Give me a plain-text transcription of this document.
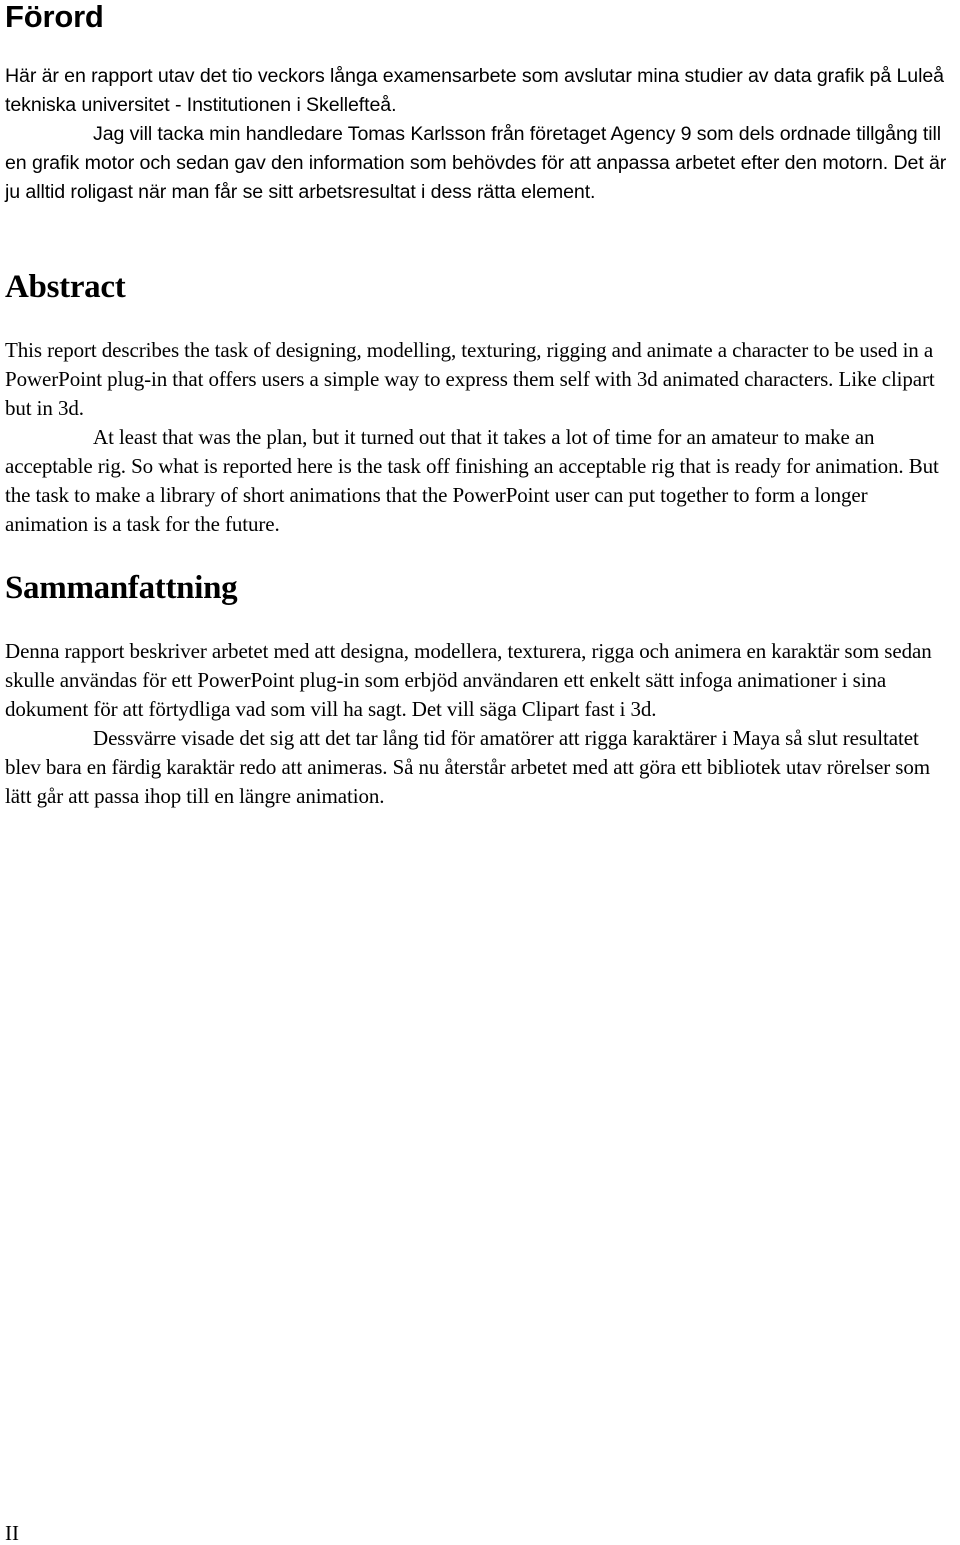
Förord

Här är en rapport utav det tio veckors långa examensarbete som avslutar mina studier av data grafik på Luleå tekniska universitet - Institutionen i Skellefteå.

Jag vill tacka min handledare Tomas Karlsson från företaget Agency 9 som dels ordnade tillgång till en grafik motor och sedan gav den information som behövdes för att anpassa arbetet efter den motorn. Det är ju alltid roligast när man får se sitt arbetsresultat i dess rätta element.

Abstract

This report describes the task of designing, modelling, texturing, rigging and animate a character to be used in a PowerPoint plug-in that offers users a simple way to express them self with 3d animated characters. Like clipart but in 3d.

At least that was the plan, but it turned out that it takes a lot of time for an amateur to make an acceptable rig. So what is reported here is the task off finishing an acceptable rig that is ready for animation. But the task to make a library of short animations that the PowerPoint user can put together to form a longer animation is a task for the future.

Sammanfattning

Denna rapport beskriver arbetet med att designa, modellera, texturera, rigga och animera en karaktär som sedan skulle användas för ett PowerPoint plug-in som erbjöd användaren ett enkelt sätt infoga animationer i sina dokument för att förtydliga vad som vill ha sagt. Det vill säga Clipart fast i 3d.

Dessvärre visade det sig att det tar lång tid för amatörer att rigga karaktärer i Maya så slut resultatet blev bara en färdig karaktär redo att animeras. Så nu återstår arbetet med att göra ett bibliotek utav rörelser som lätt går att passa ihop till en längre animation.

II
